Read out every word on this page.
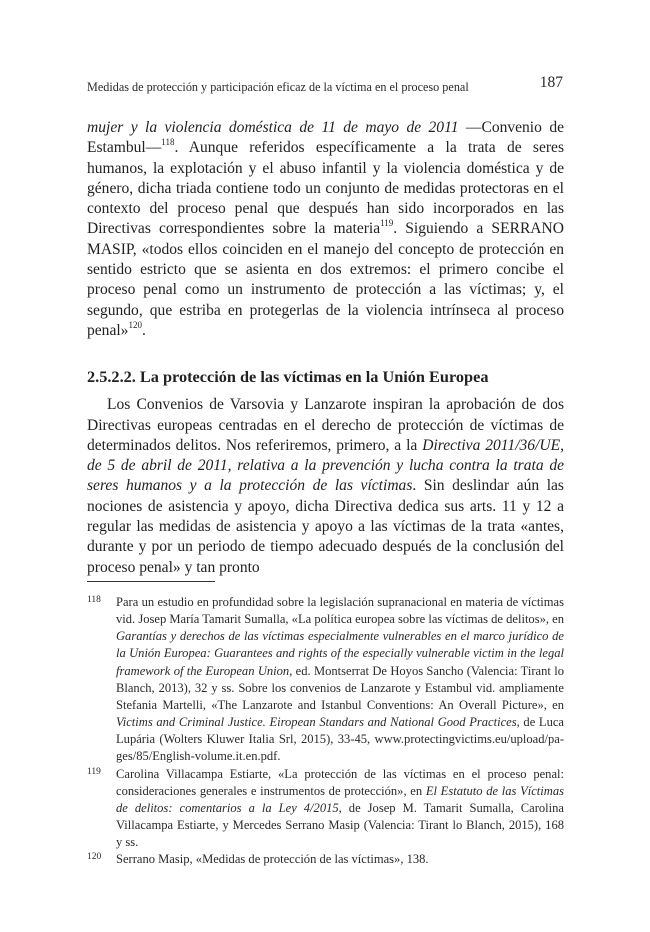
Medidas de protección y participación eficaz de la víctima en el proceso penal	187

mujer y la violencia doméstica de 11 de mayo de 2011 —Convenio de Estambul—$^{118}$. Aunque referidos específicamente a la trata de seres humanos, la explotación y el abuso infantil y la violencia doméstica y de género, dicha triada contiene todo un conjunto de medidas protectoras en el contexto del proceso penal que después han sido incorporados en las Directivas correspondientes sobre la materia$^{119}$. Siguiendo a SERRANO MASIP, «todos ellos coinciden en el manejo del concepto de protección en sentido estricto que se asienta en dos extremos: el primero concibe el proceso penal como un instrumento de protección a las víctimas; y, el segundo, que estriba en protegerlas de la violencia intrínseca al proceso penal»$^{120}$.

2.5.2.2. La protección de las víctimas en la Unión Europea

Los Convenios de Varsovia y Lanzarote inspiran la aprobación de dos Directivas europeas centradas en el derecho de protección de víctimas de determinados delitos. Nos referiremos, primero, a la Directiva 2011/36/UE, de 5 de abril de 2011, relativa a la prevención y lucha contra la trata de seres humanos y a la protección de las víctimas. Sin deslindar aún las nociones de asistencia y apoyo, dicha Directiva dedica sus arts. 11 y 12 a regular las medidas de asistencia y apoyo a las víctimas de la trata «antes, durante y por un periodo de tiempo adecuado después de la conclusión del proceso penal» y tan pronto

118 Para un estudio en profundidad sobre la legislación supranacional en materia de víctimas vid. Josep María Tamarit Sumalla, «La política europea sobre las víctimas de delitos», en Garantías y derechos de las víctimas especialmente vulnerables en el marco jurídico de la Unión Europea: Guarantees and rights of the especially vulnerable victim in the legal framework of the European Union, ed. Montserrat De Hoyos Sancho (Valencia: Tirant lo Blanch, 2013), 32 y ss. Sobre los convenios de Lanzarote y Estambul vid. ampliamente Stefania Martelli, «The Lanzarote and Istanbul Conventions: An Overall Picture», en Victims and Criminal Justice. Eiropean Standars and National Good Practices, de Luca Lupária (Wolters Kluwer Italia Srl, 2015), 33-45, www.protectingvictims.eu/upload/pages/85/English-volume.it.en.pdf.

119 Carolina Villacampa Estiarte, «La protección de las víctimas en el proceso penal: consideraciones generales e instrumentos de protección», en El Estatuto de las Víctimas de delitos: comentarios a la Ley 4/2015, de Josep M. Tamarit Sumalla, Carolina Villacampa Estiarte, y Mercedes Serrano Masip (Valencia: Tirant lo Blanch, 2015), 168 y ss.

120 Serrano Masip, «Medidas de protección de las víctimas», 138.
